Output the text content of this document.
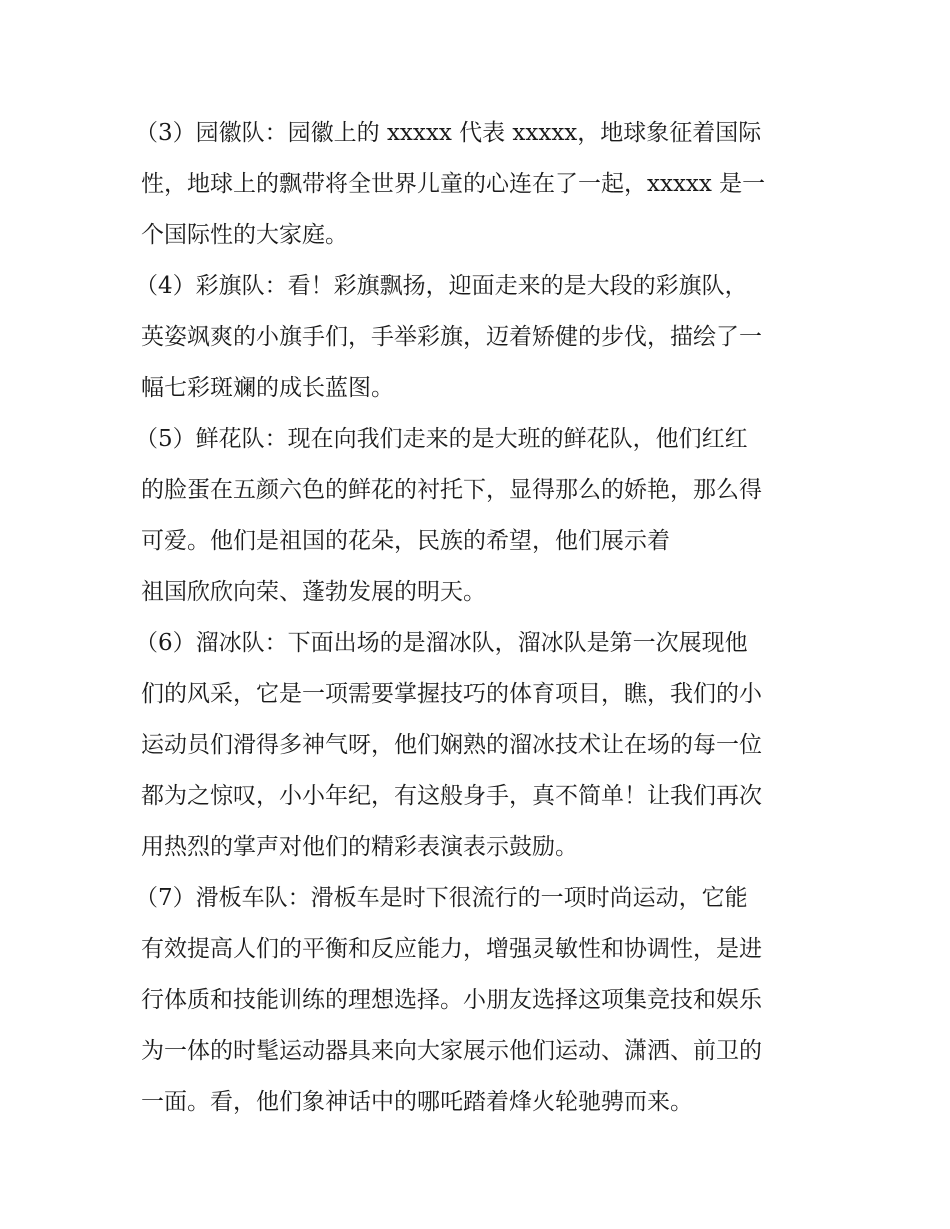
（3）园徽队：园徽上的 xxxxx 代表 xxxxx，地球象征着国际
性，地球上的飘带将全世界儿童的心连在了一起，xxxxx 是一
个国际性的大家庭。
（4）彩旗队：看！彩旗飘扬，迎面走来的是大段的彩旗队，
英姿飒爽的小旗手们，手举彩旗，迈着矫健的步伐，描绘了一
幅七彩斑斓的成长蓝图。
（5）鲜花队：现在向我们走来的是大班的鲜花队，他们红红
的脸蛋在五颜六色的鲜花的衬托下，显得那么的娇艳，那么得
可爱。他们是祖国的花朵，民族的希望，他们展示着
祖国欣欣向荣、蓬勃发展的明天。
（6）溜冰队：下面出场的是溜冰队，溜冰队是第一次展现他
们的风采，它是一项需要掌握技巧的体育项目，瞧，我们的小
运动员们滑得多神气呀，他们娴熟的溜冰技术让在场的每一位
都为之惊叹，小小年纪，有这般身手，真不简单！让我们再次
用热烈的掌声对他们的精彩表演表示鼓励。
（7）滑板车队：滑板车是时下很流行的一项时尚运动，它能
有效提高人们的平衡和反应能力，增强灵敏性和协调性，是进
行体质和技能训练的理想选择。小朋友选择这项集竞技和娱乐
为一体的时髦运动器具来向大家展示他们运动、潇洒、前卫的
一面。看，他们象神话中的哪吒踏着烽火轮驰骋而来。
